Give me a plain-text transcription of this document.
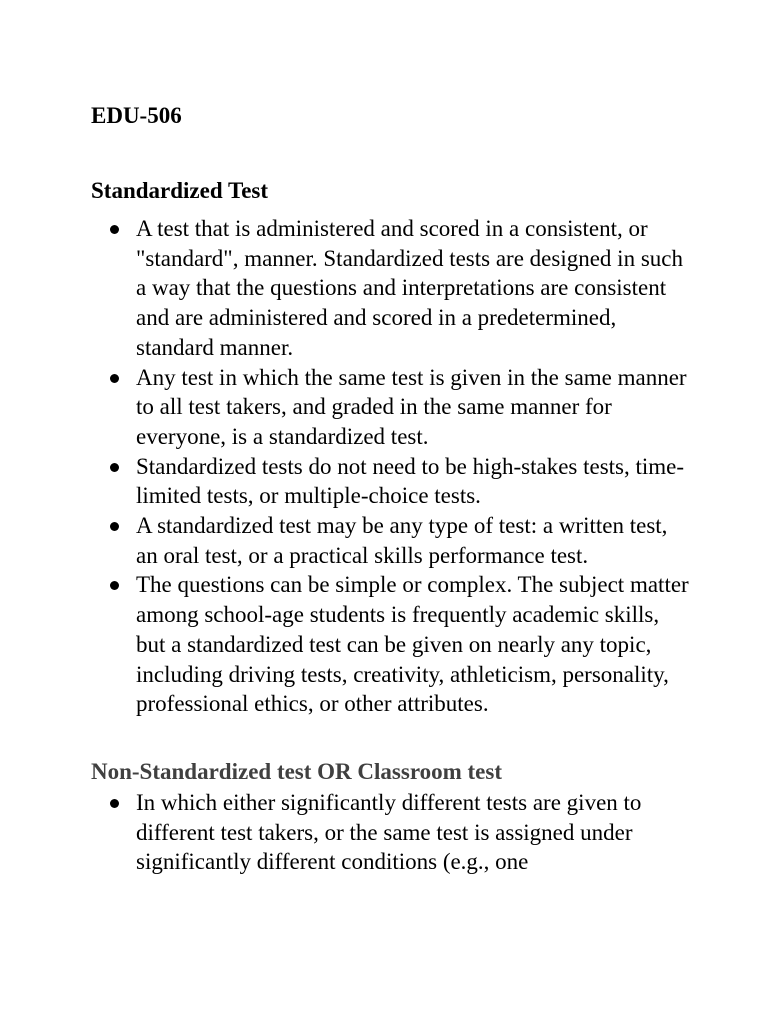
EDU-506
Standardized Test
A test that is administered and scored in a consistent, or "standard", manner. Standardized tests are designed in such a way that the questions and interpretations are consistent and are administered and scored in a predetermined, standard manner.
Any test in which the same test is given in the same manner to all test takers, and graded in the same manner for everyone, is a standardized test.
Standardized tests do not need to be high-stakes tests, time-limited tests, or multiple-choice tests.
A standardized test may be any type of test: a written test, an oral test, or a practical skills performance test.
The questions can be simple or complex. The subject matter among school-age students is frequently academic skills, but a standardized test can be given on nearly any topic, including driving tests, creativity, athleticism, personality, professional ethics, or other attributes.
Non-Standardized test OR Classroom test
In which either significantly different tests are given to different test takers, or the same test is assigned under significantly different conditions (e.g., one
